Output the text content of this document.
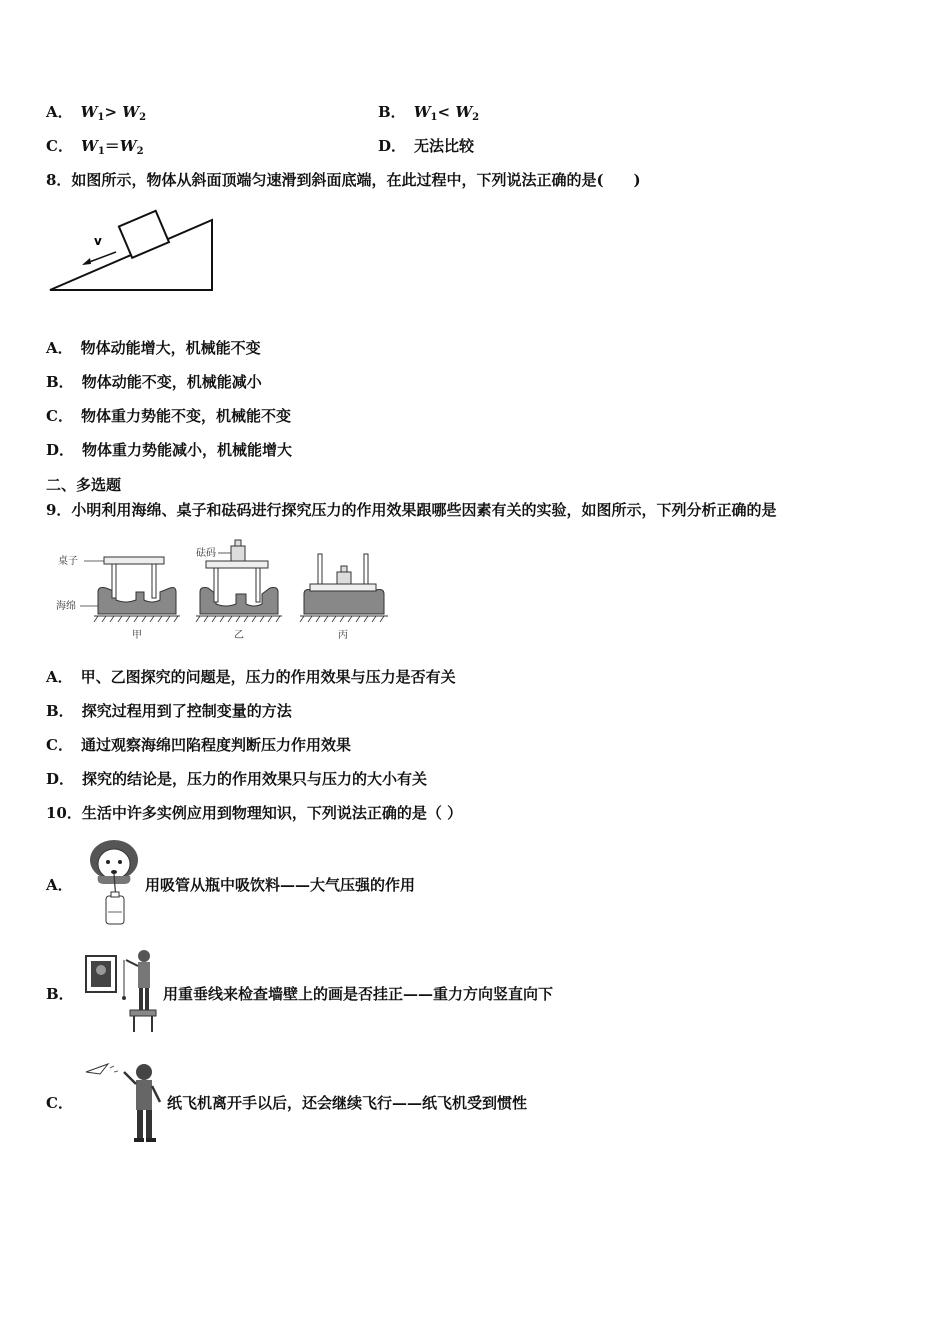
A． $W_1> W_2$	B． $W_1< W_2$
C． $W_1=W_2$	D． 无法比较
8．如图所示，物体从斜面顶端匀速滑到斜面底端，在此过程中，下列说法正确的是(　　)
v
A． 物体动能增大，机械能不变
B． 物体动能不变，机械能减小
C． 物体重力势能不变，机械能不变
D． 物体重力势能减小，机械能增大
二、多选题
9．小明利用海绵、桌子和砝码进行探究压力的作用效果跟哪些因素有关的实验，如图所示，下列分析正确的是
桌子
海绵
砝码
甲	乙	丙
A． 甲、乙图探究的问题是，压力的作用效果与压力是否有关
B． 探究过程用到了控制变量的方法
C． 通过观察海绵凹陷程度判断压力作用效果
D． 探究的结论是，压力的作用效果只与压力的大小有关
10．生活中许多实例应用到物理知识，下列说法正确的是（ ）
A．	用吸管从瓶中吸饮料——大气压强的作用
B．	用重垂线来检查墙壁上的画是否挂正——重力方向竖直向下
C．	纸飞机离开手以后，还会继续飞行——纸飞机受到惯性
